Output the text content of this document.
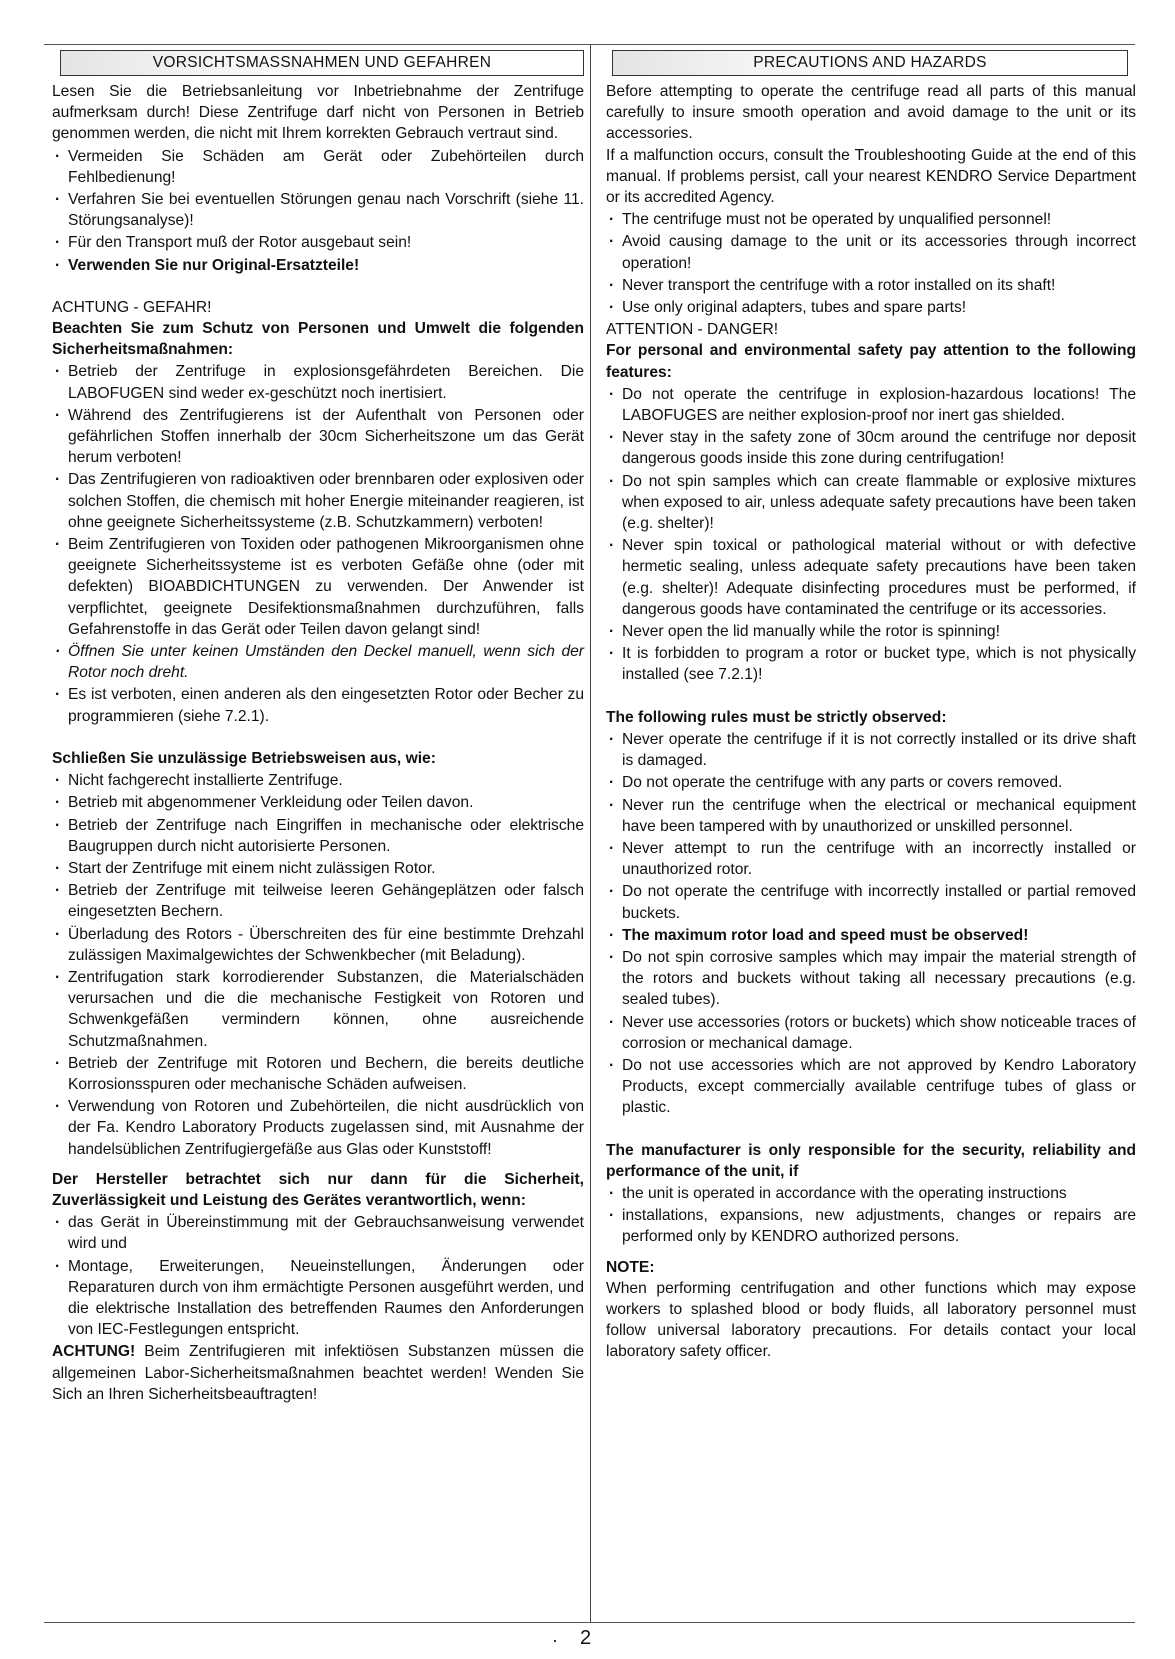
VORSICHTSMASSNAHMEN UND GEFAHREN

Lesen Sie die Betriebsanleitung vor Inbetriebnahme der Zentrifuge aufmerksam durch! Diese Zentrifuge darf nicht von Personen in Betrieb genommen werden, die nicht mit Ihrem korrekten Gebrauch vertraut sind.

· Vermeiden Sie Schäden am Gerät oder Zubehörteilen durch Fehlbedienung!
· Verfahren Sie bei eventuellen Störungen genau nach Vorschrift (siehe 11. Störungsanalyse)!
· Für den Transport muß der Rotor ausgebaut sein!
· Verwenden Sie nur Original-Ersatzteile!

ACHTUNG - GEFAHR!

Beachten Sie zum Schutz von Personen und Umwelt die folgenden Sicherheitsmaßnahmen:

· Betrieb der Zentrifuge in explosionsgefährdeten Bereichen. Die LABOFUGEN sind weder ex-geschützt noch inertisiert.
· Während des Zentrifugierens ist der Aufenthalt von Personen oder gefährlichen Stoffen innerhalb der 30cm Sicherheitszone um das Gerät herum verboten!
· Das Zentrifugieren von radioaktiven oder brennbaren oder explosiven oder solchen Stoffen, die chemisch mit hoher Energie miteinander reagieren, ist ohne geeignete Sicherheitssysteme (z.B. Schutzkammern) verboten!
· Beim Zentrifugieren von Toxiden oder pathogenen Mikroorganismen ohne geeignete Sicherheitssysteme ist es verboten Gefäße ohne (oder mit defekten) BIOABDICHTUNGEN zu verwenden. Der Anwender ist verpflichtet, geeignete Desifektionsmaßnahmen durchzuführen, falls Gefahrenstoffe in das Gerät oder Teilen davon gelangt sind!
· Öffnen Sie unter keinen Umständen den Deckel manuell, wenn sich der Rotor noch dreht.
· Es ist verboten, einen anderen als den eingesetzten Rotor oder Becher zu programmieren (siehe 7.2.1).

Schließen Sie unzulässige Betriebsweisen aus, wie:

· Nicht fachgerecht installierte Zentrifuge.
· Betrieb mit abgenommener Verkleidung oder Teilen davon.
· Betrieb der Zentrifuge nach Eingriffen in mechanische oder elektrische Baugruppen durch nicht autorisierte Personen.
· Start der Zentrifuge mit einem nicht zulässigen Rotor.
· Betrieb der Zentrifuge mit teilweise leeren Gehängeplätzen oder falsch eingesetzten Bechern.
· Überladung des Rotors - Überschreiten des für eine bestimmte Drehzahl zulässigen Maximalgewichtes der Schwenkbecher (mit Beladung).
· Zentrifugation stark korrodierender Substanzen, die Materialschäden verursachen und die die mechanische Festigkeit von Rotoren und Schwenkgefäßen vermindern können, ohne ausreichende Schutzmaßnahmen.
· Betrieb der Zentrifuge mit Rotoren und Bechern, die bereits deutliche Korrosionsspuren oder mechanische Schäden aufweisen.
· Verwendung von Rotoren und Zubehörteilen, die nicht ausdrücklich von der Fa. Kendro Laboratory Products zugelassen sind, mit Ausnahme der handelsüblichen Zentrifugiergefäße aus Glas oder Kunststoff!

Der Hersteller betrachtet sich nur dann für die Sicherheit, Zuverlässigkeit und Leistung des Gerätes verantwortlich, wenn:

· das Gerät in Übereinstimmung mit der Gebrauchsanweisung verwendet wird und
· Montage, Erweiterungen, Neueinstellungen, Änderungen oder Reparaturen durch von ihm ermächtigte Personen ausgeführt werden, und die elektrische Installation des betreffenden Raumes den Anforderungen von IEC-Festlegungen entspricht.

ACHTUNG! Beim Zentrifugieren mit infektiösen Substanzen müssen die allgemeinen Labor-Sicherheitsmaßnahmen beachtet werden! Wenden Sie Sich an Ihren Sicherheitsbeauftragten!

PRECAUTIONS AND HAZARDS

Before attempting to operate the centrifuge read all parts of this manual carefully to insure smooth operation and avoid damage to the unit or its accessories.

If a malfunction occurs, consult the Troubleshooting Guide at the end of this manual. If problems persist, call your nearest KENDRO Service Department or its accredited Agency.

· The centrifuge must not be operated by unqualified personnel!
· Avoid causing damage to the unit or its accessories through incorrect operation!
· Never transport the centrifuge with a rotor installed on its shaft!
· Use only original adapters, tubes and spare parts!

ATTENTION - DANGER!

For personal and environmental safety pay attention to the following features:

· Do not operate the centrifuge in explosion-hazardous locations! The LABOFUGES are neither explosion-proof nor inert gas shielded.
· Never stay in the safety zone of 30cm around the centrifuge nor deposit dangerous goods inside this zone during centrifugation!
· Do not spin samples which can create flammable or explosive mixtures when exposed to air, unless adequate safety precautions have been taken (e.g. shelter)!
· Never spin toxical or pathological material without or with defective hermetic sealing, unless adequate safety precautions have been taken (e.g. shelter)! Adequate disinfecting procedures must be performed, if dangerous goods have contaminated the centrifuge or its accessories.
· Never open the lid manually while the rotor is spinning!
· It is forbidden to program a rotor or bucket type, which is not physically installed (see 7.2.1)!

The following rules must be strictly observed:

· Never operate the centrifuge if it is not correctly installed or its drive shaft is damaged.
· Do not operate the centrifuge with any parts or covers removed.
· Never run the centrifuge when the electrical or mechanical equipment have been tampered with by unauthorized or unskilled personnel.
· Never attempt to run the centrifuge with an incorrectly installed or unauthorized rotor.
· Do not operate the centrifuge with incorrectly installed or partial removed buckets.
· The maximum rotor load and speed must be observed!
· Do not spin corrosive samples which may impair the material strength of the rotors and buckets without taking all necessary precautions (e.g. sealed tubes).
· Never use accessories (rotors or buckets) which show noticeable traces of corrosion or mechanical damage.
· Do not use accessories which are not approved by Kendro Laboratory Products, except commercially available centrifuge tubes of glass or plastic.

The manufacturer is only responsible for the security, reliability and performance of the unit, if

· the unit is operated in accordance with the operating instructions
· installations, expansions, new adjustments, changes or repairs are performed only by KENDRO authorized persons.

NOTE:

When performing centrifugation and other functions which may expose workers to splashed blood or body fluids, all laboratory personnel must follow universal laboratory precautions. For details contact your local laboratory safety officer.

· 2
